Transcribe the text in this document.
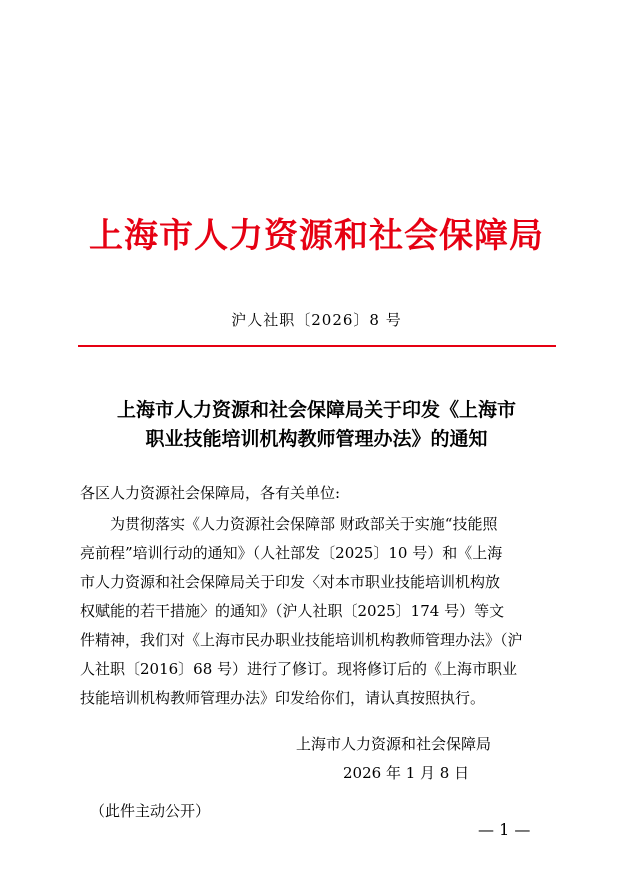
上海市人力资源和社会保障局
沪人社职〔2026〕8 号
上海市人力资源和社会保障局关于印发《上海市
职业技能培训机构教师管理办法》的通知
各区人力资源社会保障局，各有关单位:
　　为贯彻落实《人力资源社会保障部 财政部关于实施“技能照
亮前程”培训行动的通知》（人社部发〔2025〕10 号）和《上海
市人力资源和社会保障局关于印发〈对本市职业技能培训机构放
权赋能的若干措施〉的通知》（沪人社职〔2025〕174 号）等文
件精神，我们对《上海市民办职业技能培训机构教师管理办法》（沪
人社职〔2016〕68 号）进行了修订。现将修订后的《上海市职业
技能培训机构教师管理办法》印发给你们，请认真按照执行。
上海市人力资源和社会保障局
2026 年 1 月 8 日
（此件主动公开）
— 1 —
